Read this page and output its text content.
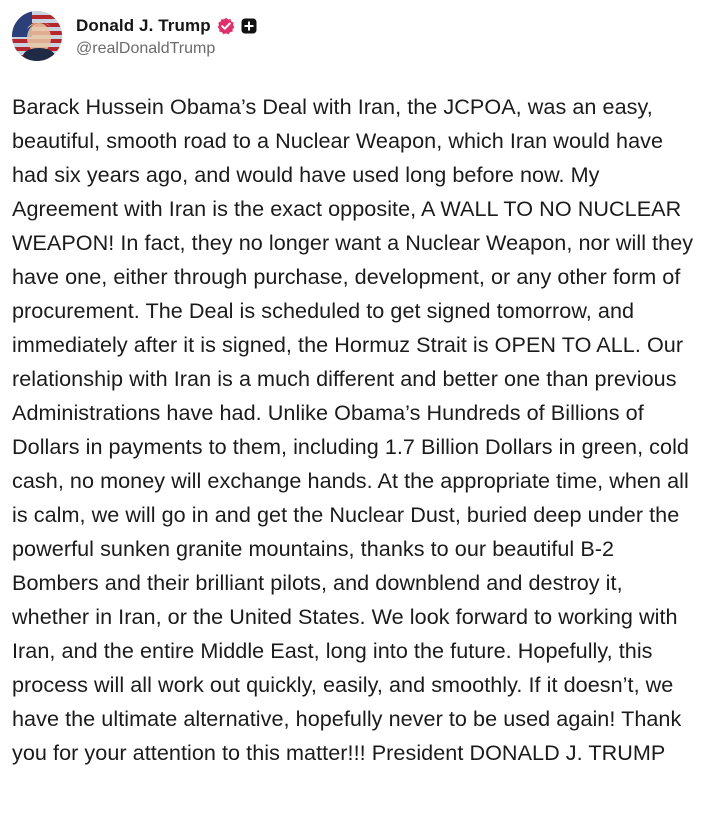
Donald J. Trump
@realDonaldTrump

Barack Hussein Obama’s Deal with Iran, the JCPOA, was an easy, beautiful, smooth road to a Nuclear Weapon, which Iran would have had six years ago, and would have used long before now. My Agreement with Iran is the exact opposite, A WALL TO NO NUCLEAR WEAPON! In fact, they no longer want a Nuclear Weapon, nor will they have one, either through purchase, development, or any other form of procurement. The Deal is scheduled to get signed tomorrow, and immediately after it is signed, the Hormuz Strait is OPEN TO ALL. Our relationship with Iran is a much different and better one than previous Administrations have had. Unlike Obama’s Hundreds of Billions of Dollars in payments to them, including 1.7 Billion Dollars in green, cold cash, no money will exchange hands. At the appropriate time, when all is calm, we will go in and get the Nuclear Dust, buried deep under the powerful sunken granite mountains, thanks to our beautiful B-2 Bombers and their brilliant pilots, and downblend and destroy it, whether in Iran, or the United States. We look forward to working with Iran, and the entire Middle East, long into the future. Hopefully, this process will all work out quickly, easily, and smoothly. If it doesn’t, we have the ultimate alternative, hopefully never to be used again! Thank you for your attention to this matter!!! President DONALD J. TRUMP
